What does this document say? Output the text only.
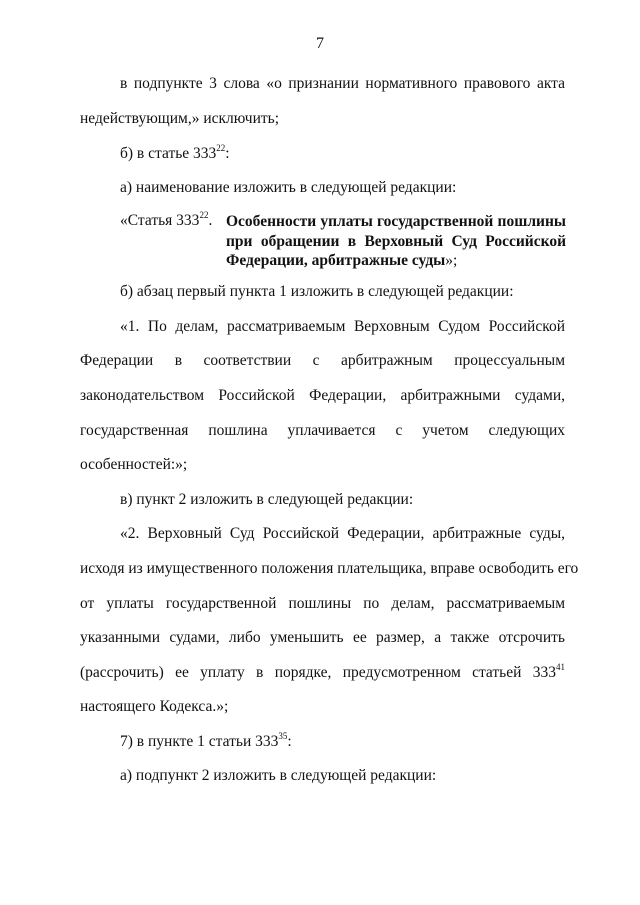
7
в подпункте 3 слова «о признании нормативного правового акта
недействующим,» исключить;
б) в статье $333^{22}$:
а) наименование изложить в следующей редакции:
«Статья $333^{22}$. Особенности уплаты государственной пошлины при обращении в Верховный Суд Российской Федерации, арбитражные суды»;
б) абзац первый пункта 1 изложить в следующей редакции:
«1. По делам, рассматриваемым Верховным Судом Российской
Федерации в соответствии с арбитражным процессуальным
законодательством Российской Федерации, арбитражными судами,
государственная пошлина уплачивается с учетом следующих
особенностей:»;
в) пункт 2 изложить в следующей редакции:
«2. Верховный Суд Российской Федерации, арбитражные суды,
исходя из имущественного положения плательщика, вправе освободить его
от уплаты государственной пошлины по делам, рассматриваемым
указанными судами, либо уменьшить ее размер, а также отсрочить
(рассрочить) ее уплату в порядке, предусмотренном статьей $333^{41}$
настоящего Кодекса.»;
7) в пункте 1 статьи $333^{35}$:
а) подпункт 2 изложить в следующей редакции:
